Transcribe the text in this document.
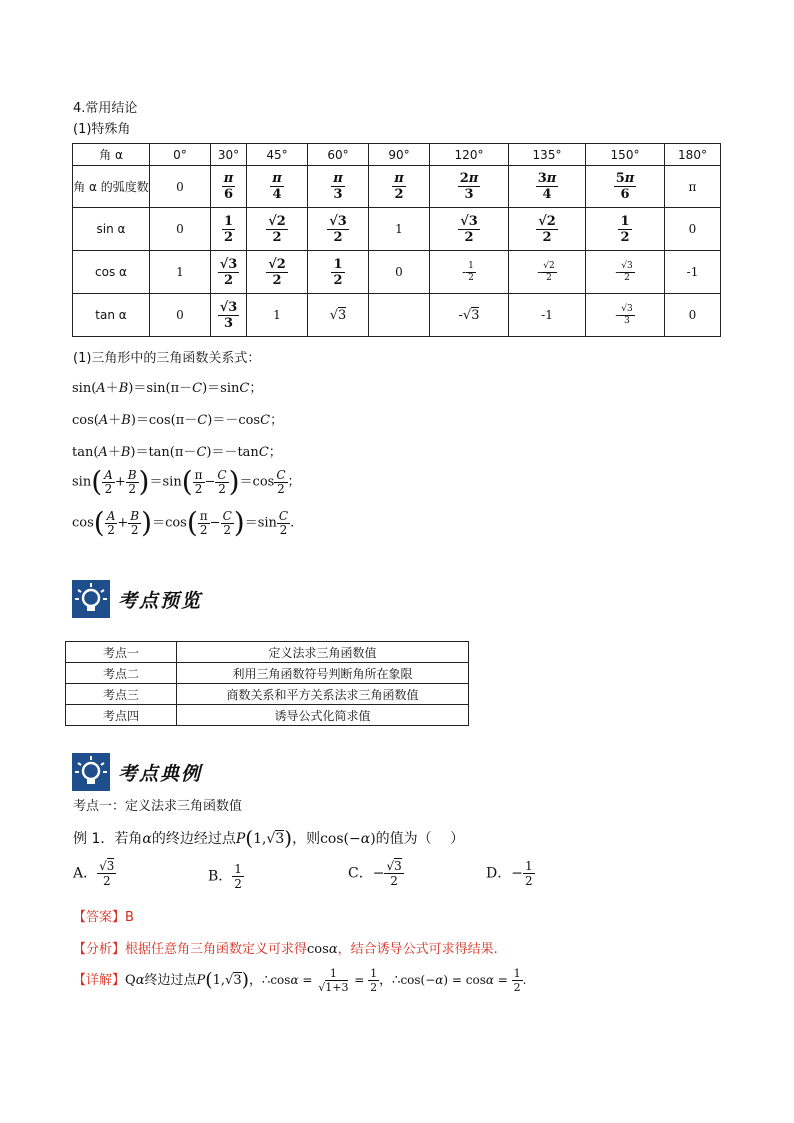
4.常用结论
(1)特殊角
角 α	0°	30°	45°	60°	90°	120°	135°	150°	180°
角 α 的弧度数	0	$\frac{\pi}{6}$	$\frac{\pi}{4}$	$\frac{\pi}{3}$	$\frac{\pi}{2}$	$\frac{2\pi}{3}$	$\frac{3\pi}{4}$	$\frac{5\pi}{6}$	π
sin α	0	$\frac{1}{2}$	$\frac{√2}{2}$	$\frac{√3}{2}$	1	$\frac{√3}{2}$	$\frac{√2}{2}$	$\frac{1}{2}$	0
cos α	1	$\frac{√3}{2}$	$\frac{√2}{2}$	$\frac{1}{2}$	0	- $\frac{1}{2}$	- $\frac{√2}{2}$	- $\frac{√3}{2}$	-1
tan α	0	$\frac{√3}{3}$	1	√3		-√3	-1	- $\frac{√3}{3}$	0
(1)三角形中的三角函数关系式：
sin(A＋B)＝sin(π－C)＝sinC；
cos(A＋B)＝cos(π－C)＝－cosC；
tan(A＋B)＝tan(π－C)＝－tanC；
$\sin( \frac{A}{2} + \frac{B}{2} )=\sin( \frac{\pi}{2} - \frac{C}{2} )=\cos \frac{C}{2}$ ；
$\cos( \frac{A}{2} + \frac{B}{2} )=\cos( \frac{\pi}{2} - \frac{C}{2} )=\sin \frac{C}{2}$ .
考点预览
考点一	定义法求三角函数值
考点二	利用三角函数符号判断角所在象限
考点三	商数关系和平方关系法求三角函数值
考点四	诱导公式化简求值
考点典例
考点一：定义法求三角函数值
例 1．若角α的终边经过点P(1,√3)，则cos(−α)的值为（　 ）
A． $\frac{√3}{2}$	B． $\frac{1}{2}$	C．− $\frac{√3}{2}$	D．− $\frac{1}{2}$
【答案】B
【分析】根据任意角三角函数定义可求得cosα，结合诱导公式可求得结果.
【详解】Qα终边过点P(1,√3)，∴cosα = $\frac{1}{√1+3} = \frac{1}{2}$ ，∴cos(−α) = $\cos\alpha = \frac{1}{2}$ .
